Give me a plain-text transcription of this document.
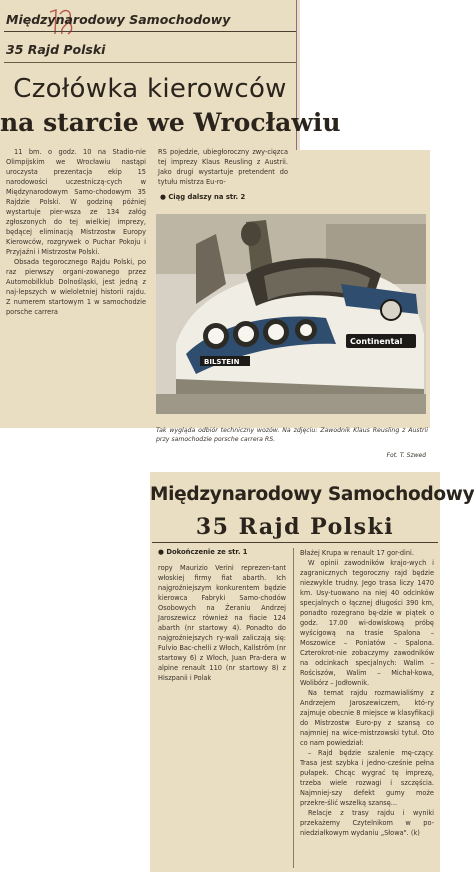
Międzynarodowy Samochodowy
35 Rajd Polski
Czołówka kierowców
na starcie we Wrocławiu

11 bm. o godz. 10 na Stadio-nie Olimpijskim we Wrocławiu nastąpi uroczysta prezentacja ekip 15 narodowości uczestniczą-cych w Międzynarodowym Samo-chodowym 35 Rajdzie Polski. W godzinę później wystartuje pier-wsza ze 134 załóg zgłoszonych do tej wielkiej imprezy, będącej eliminacją Mistrzostw Europy Kierowców, rozgrywek o Puchar Pokoju i Przyjaźni i Mistrzostw Polski.

Obsada tegorocznego Rajdu Polski, po raz pierwszy organi-zowanego przez Automobilklub Dolnośląski, jest jedną z naj-lepszych w wieloletniej historii rajdu. Z numerem startowym 1 w samochodzie porsche carrera

RS pojedzie, ubiegłoroczny zwy-cięzca tej imprezy Klaus Reusling z Austrii. Jako drugi wystartuje pretendent do tytułu mistrza Eu-ro-

● Ciąg dalszy na str. 2
BILSTEIN
Continental
Tak wygląda odbiór techniczny wozów. Na zdjęciu: Zawodnik Klaus Reusling z Austrii przy samochodzie porsche carrera RS.
Fot. T. Szwed
Międzynarodowy Samochodowy
35 Rajd Polski
● Dokończenie ze str. 1

ropy Maurizio Verini reprezen-tant włoskiej firmy fiat abarth. Ich najgroźniejszym konkurentem będzie kierowca Fabryki Samo-chodów Osobowych na Żeraniu Andrzej Jaroszewicz również na fiacie 124 abarth (nr startowy 4). Ponadto do najgroźniejszych ry-wali zaliczają się: Fulvio Bac-chelli z Włoch, Kallström (nr startowy 6) z Włoch, Juan Pra-dera w alpine renault 110 (nr startowy 8) z Hiszpanii i Polak

Błażej Krupa w renault 17 gor-dini.

W opinii zawodników krajo-wych i zagranicznych tegoroczny rajd będzie niezwykle trudny. Jego trasa liczy 1470 km. Usy-tuowano na niej 40 odcinków specjalnych o łącznej długości 390 km, ponadto rozegrano bę-dzie w piątek o godz. 17.00 wi-dowiskową próbę wyścigową na trasie Spalona – Moszowice – Poniatów – Spalona. Czterokrot-nie zobaczymy zawodników na odcinkach specjalnych: Walim – Rościszów, Walim – Michał-kowa, Wolibórz – Jodłownik.

Na temat rajdu rozmawialiśmy z Andrzejem Jaroszewiczem, któ-ry zajmuje obecnie 8 miejsce w klasyfikacji do Mistrzostw Euro-py z szansą co najmniej na wice-mistrzowski tytuł. Oto co nam powiedział:

– Rajd będzie szalenie mę-czący. Trasa jest szybka i jedno-cześnie pełna pułapek. Chcąc wygrać tę imprezę, trzeba wiele rozwagi i szczęścia. Najmniej-szy defekt gumy może przekre-ślić wszelką szansę...

Relacje z trasy rajdu i wyniki przekażemy Czytelnikom w po-niedziałkowym wydaniu „Słowa". (k)
